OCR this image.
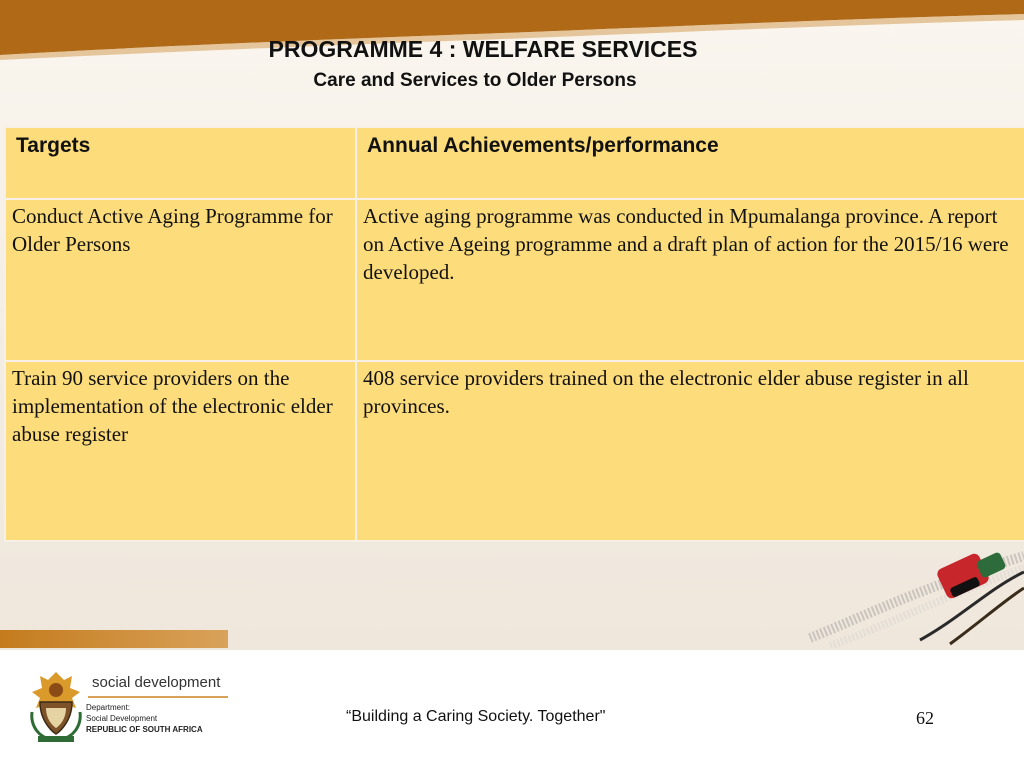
PROGRAMME 4 : WELFARE SERVICES
Care and Services to Older Persons
Targets	Annual Achievements/performance

Conduct Active Aging Programme for Older Persons	Active aging programme was conducted in Mpumalanga province. A report on Active Ageing programme and a draft plan of action for the 2015/16 were developed.

Train 90 service providers on the implementation of the electronic elder abuse register	408 service providers trained on the electronic elder abuse register in all provinces.
social development
Department:
Social Development
REPUBLIC OF SOUTH AFRICA
“Building a Caring Society. Together"	62
